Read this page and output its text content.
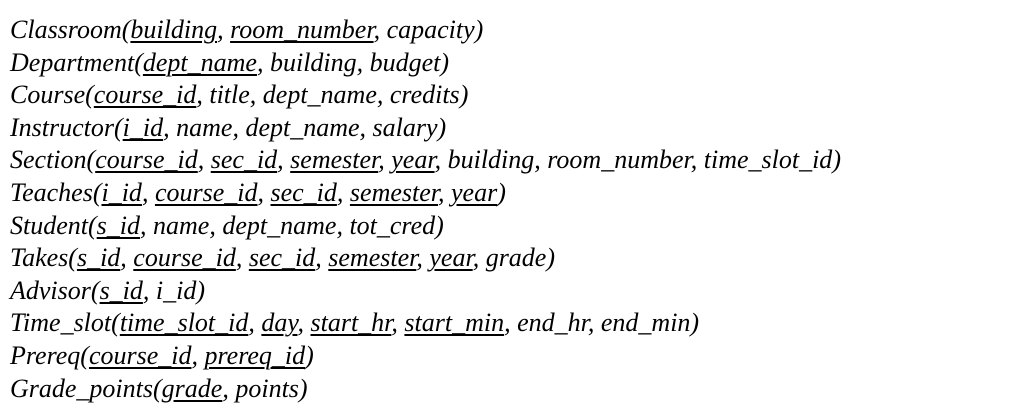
Classroom(building, room_number, capacity)
Department(dept_name, building, budget)
Course(course_id, title, dept_name, credits)
Instructor(i_id, name, dept_name, salary)
Section(course_id, sec_id, semester, year, building, room_number, time_slot_id)
Teaches(i_id, course_id, sec_id, semester, year)
Student(s_id, name, dept_name, tot_cred)
Takes(s_id, course_id, sec_id, semester, year, grade)
Advisor(s_id, i_id)
Time_slot(time_slot_id, day, start_hr, start_min, end_hr, end_min)
Prereq(course_id, prereq_id)
Grade_points(grade, points)
